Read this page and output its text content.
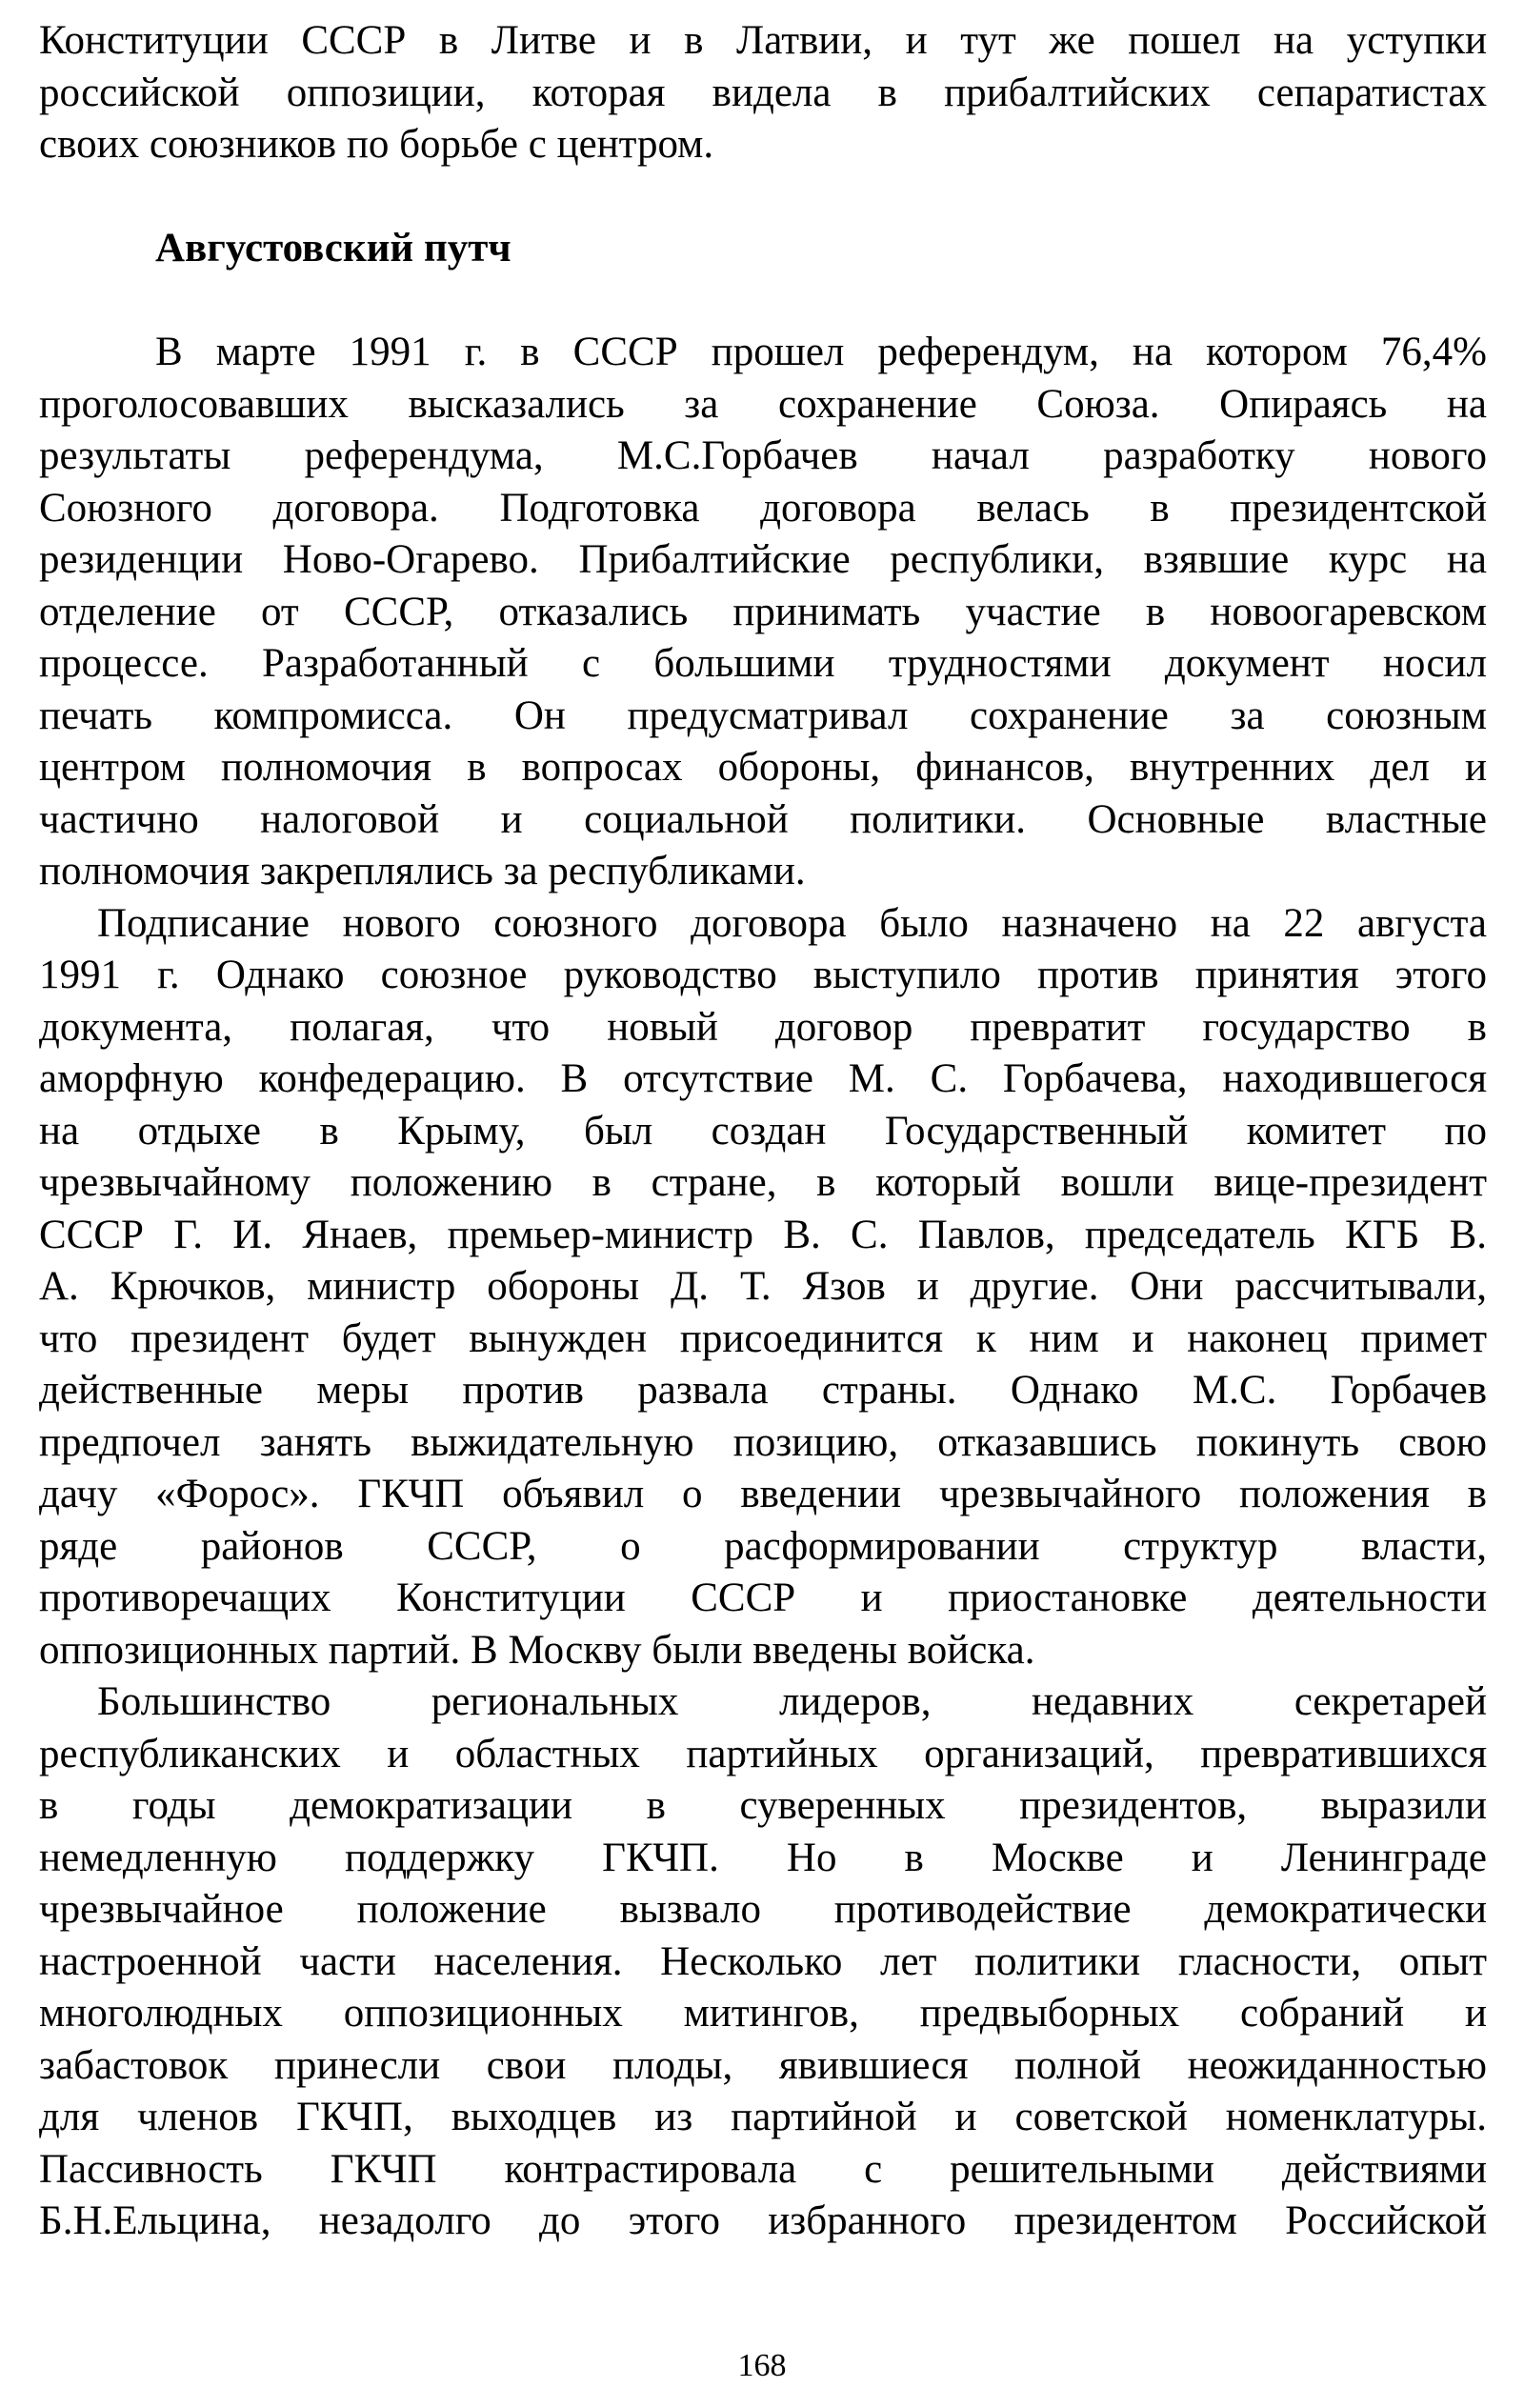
Конституции СССР в Литве и в Латвии, и тут же пошел на уступки
российской оппозиции, которая видела в прибалтийских сепаратистах
своих союзников по борьбе с центром.
Августовский путч
В марте 1991 г. в СССР прошел референдум, на котором 76,4%
проголосовавших высказались за сохранение Союза. Опираясь на
результаты референдума, М.С.Горбачев начал разработку нового
Союзного договора. Подготовка договора велась в президентской
резиденции Ново-Огарево. Прибалтийские республики, взявшие курс на
отделение от СССР, отказались принимать участие в новоогаревском
процессе. Разработанный с большими трудностями документ носил
печать компромисса. Он предусматривал сохранение за союзным
центром полномочия в вопросах обороны, финансов, внутренних дел и
частично налоговой и социальной политики. Основные властные
полномочия закреплялись за республиками.
Подписание нового союзного договора было назначено на 22 августа
1991 г. Однако союзное руководство выступило против принятия этого
документа, полагая, что новый договор превратит государство в
аморфную конфедерацию. В отсутствие М. С. Горбачева, находившегося
на отдыхе в Крыму, был создан Государственный комитет по
чрезвычайному положению в стране, в который вошли вице-президент
СССР Г. И. Янаев, премьер-министр В. С. Павлов, председатель КГБ В.
А. Крючков, министр обороны Д. Т. Язов и другие. Они рассчитывали,
что президент будет вынужден присоединится к ним и наконец примет
действенные меры против развала страны. Однако М.С. Горбачев
предпочел занять выжидательную позицию, отказавшись покинуть свою
дачу «Форос». ГКЧП объявил о введении чрезвычайного положения в
ряде районов СССР, о расформировании структур власти,
противоречащих Конституции СССР и приостановке деятельности
оппозиционных партий. В Москву были введены войска.
Большинство региональных лидеров, недавних секретарей
республиканских и областных партийных организаций, превратившихся
в годы демократизации в суверенных президентов, выразили
немедленную поддержку ГКЧП. Но в Москве и Ленинграде
чрезвычайное положение вызвало противодействие демократически
настроенной части населения. Несколько лет политики гласности, опыт
многолюдных оппозиционных митингов, предвыборных собраний и
забастовок принесли свои плоды, явившиеся полной неожиданностью
для членов ГКЧП, выходцев из партийной и советской номенклатуры.
Пассивность ГКЧП контрастировала с решительными действиями
Б.Н.Ельцина, незадолго до этого избранного президентом Российской
168
